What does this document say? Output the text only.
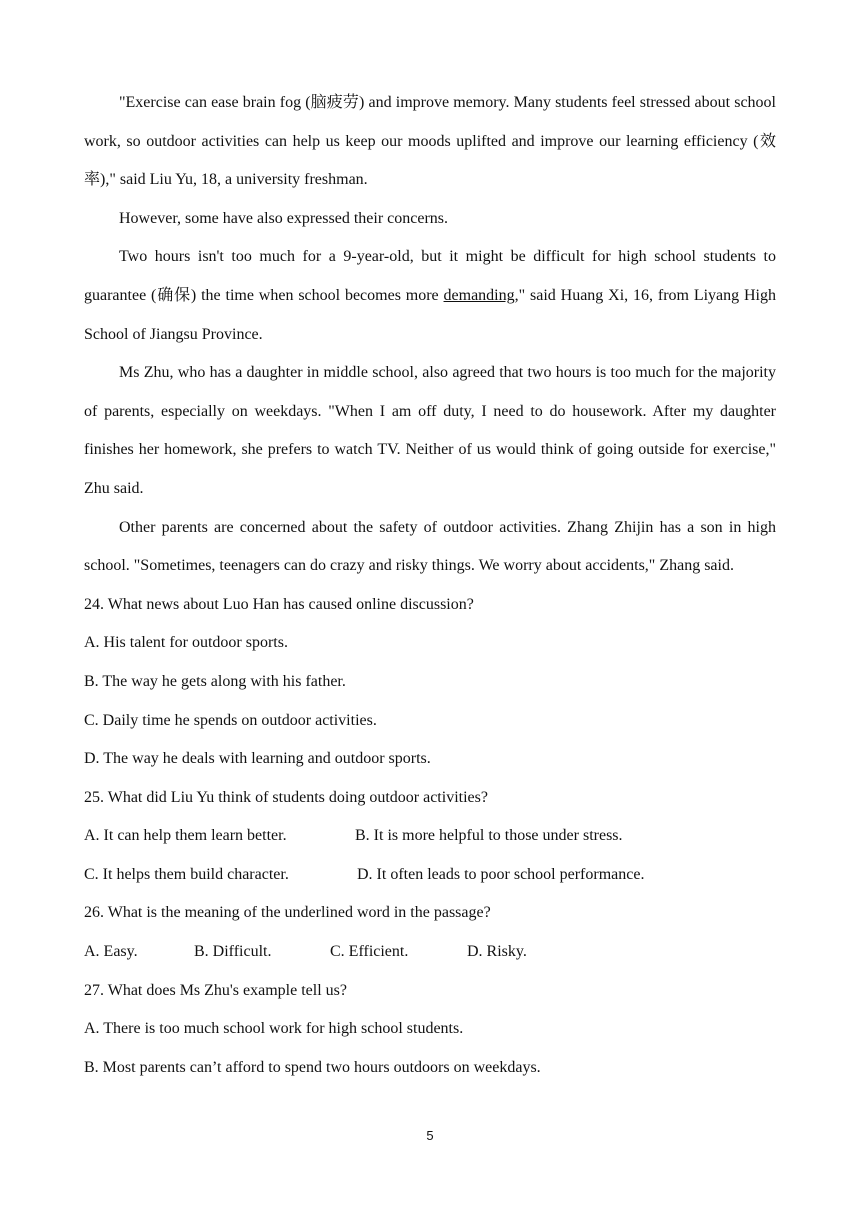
"Exercise can ease brain fog (脑疲劳) and improve memory. Many students feel stressed about school work, so outdoor activities can help us keep our moods uplifted and improve our learning efficiency (效率)," said Liu Yu, 18, a university freshman.

However, some have also expressed their concerns.

Two hours isn't too much for a 9-year-old, but it might be difficult for high school students to guarantee (确保) the time when school becomes more demanding," said Huang Xi, 16, from Liyang High School of Jiangsu Province.

Ms Zhu, who has a daughter in middle school, also agreed that two hours is too much for the majority of parents, especially on weekdays. "When I am off duty, I need to do housework. After my daughter finishes her homework, she prefers to watch TV. Neither of us would think of going outside for exercise," Zhu said.

Other parents are concerned about the safety of outdoor activities. Zhang Zhijin has a son in high school. "Sometimes, teenagers can do crazy and risky things. We worry about accidents," Zhang said.

24. What news about Luo Han has caused online discussion?

A. His talent for outdoor sports.

B. The way he gets along with his father.

C. Daily time he spends on outdoor activities.

D. The way he deals with learning and outdoor sports.

25. What did Liu Yu think of students doing outdoor activities?

A. It can help them learn better.	B. It is more helpful to those under stress.

C. It helps them build character.	D. It often leads to poor school performance.

26. What is the meaning of the underlined word in the passage?

A. Easy.	B. Difficult.	C. Efficient.	D. Risky.

27. What does Ms Zhu's example tell us?

A. There is too much school work for high school students.

B. Most parents can’t afford to spend two hours outdoors on weekdays.

5
